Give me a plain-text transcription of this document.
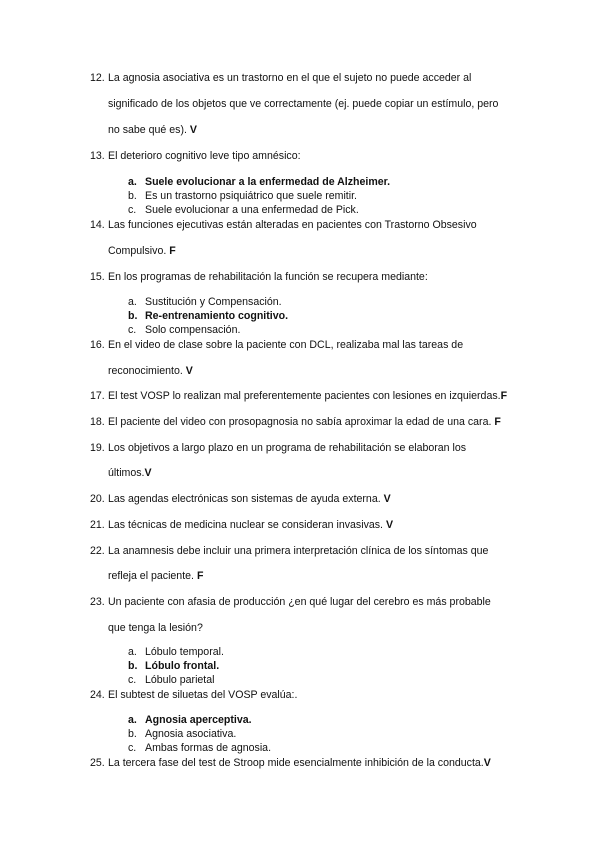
12. La agnosia asociativa es un trastorno en el que el sujeto no puede acceder al
significado de los objetos que ve correctamente (ej. puede copiar un estímulo, pero
no sabe qué es). V
13. El deterioro cognitivo leve tipo amnésico:
a. Suele evolucionar a la enfermedad de Alzheimer.
b. Es un trastorno psiquiátrico que suele remitir.
c. Suele evolucionar a una enfermedad de Pick.
14. Las funciones ejecutivas están alteradas en pacientes con Trastorno Obsesivo
Compulsivo. F
15. En los programas de rehabilitación la función se recupera mediante:
a. Sustitución y Compensación.
b. Re-entrenamiento cognitivo.
c. Solo compensación.
16. En el video de clase sobre la paciente con DCL, realizaba mal las tareas de
reconocimiento. V
17. El test VOSP lo realizan mal preferentemente pacientes con lesiones en izquierdas.F
18. El paciente del video con prosopagnosia no sabía aproximar la edad de una cara. F
19. Los objetivos a largo plazo en un programa de rehabilitación se elaboran los
últimos.V
20. Las agendas electrónicas son sistemas de ayuda externa. V
21. Las técnicas de medicina nuclear se consideran invasivas. V
22. La anamnesis debe incluir una primera interpretación clínica de los síntomas que
refleja el paciente. F
23. Un paciente con afasia de producción ¿en qué lugar del cerebro es más probable
que tenga la lesión?
a. Lóbulo temporal.
b. Lóbulo frontal.
c. Lóbulo parietal
24. El subtest de siluetas del VOSP evalúa:.
a. Agnosia aperceptiva.
b. Agnosia asociativa.
c. Ambas formas de agnosia.
25. La tercera fase del test de Stroop mide esencialmente inhibición de la conducta.V
